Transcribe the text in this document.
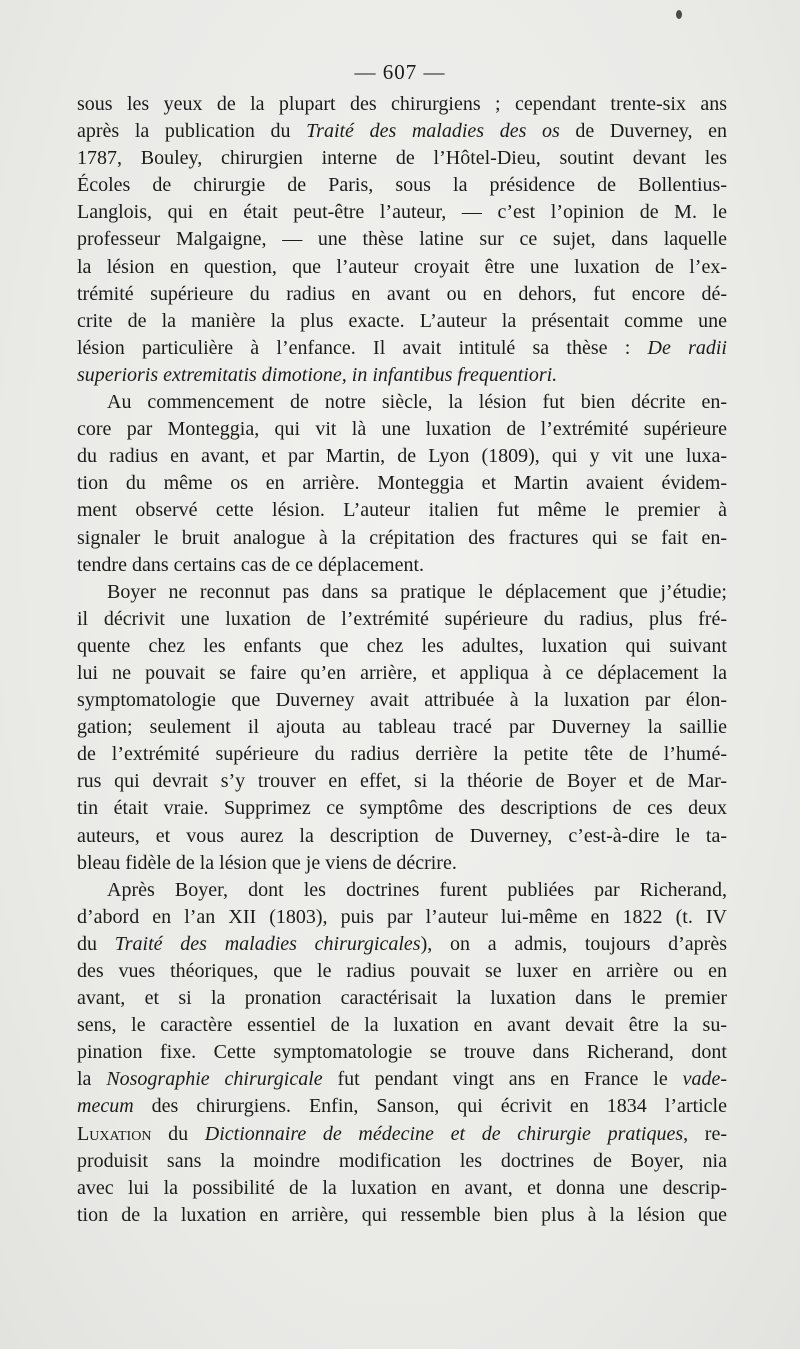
— 607 —
sous les yeux de la plupart des chirurgiens ; cependant trente-six ans
après la publication du Traité des maladies des os de Duverney, en
1787, Bouley, chirurgien interne de l’Hôtel-Dieu, soutint devant les
Écoles de chirurgie de Paris, sous la présidence de Bollentius-
Langlois, qui en était peut-être l’auteur, — c’est l’opinion de M. le
professeur Malgaigne, — une thèse latine sur ce sujet, dans laquelle
la lésion en question, que l’auteur croyait être une luxation de l’ex-
trémité supérieure du radius en avant ou en dehors, fut encore dé-
crite de la manière la plus exacte. L’auteur la présentait comme une
lésion particulière à l’enfance. Il avait intitulé sa thèse : De radii
superioris extremitatis dimotione, in infantibus frequentiori.
Au commencement de notre siècle, la lésion fut bien décrite en-
core par Monteggia, qui vit là une luxation de l’extrémité supérieure
du radius en avant, et par Martin, de Lyon (1809), qui y vit une luxa-
tion du même os en arrière. Monteggia et Martin avaient évidem-
ment observé cette lésion. L’auteur italien fut même le premier à
signaler le bruit analogue à la crépitation des fractures qui se fait en-
tendre dans certains cas de ce déplacement.
Boyer ne reconnut pas dans sa pratique le déplacement que j’étudie;
il décrivit une luxation de l’extrémité supérieure du radius, plus fré-
quente chez les enfants que chez les adultes, luxation qui suivant
lui ne pouvait se faire qu’en arrière, et appliqua à ce déplacement la
symptomatologie que Duverney avait attribuée à la luxation par élon-
gation; seulement il ajouta au tableau tracé par Duverney la saillie
de l’extrémité supérieure du radius derrière la petite tête de l’humé-
rus qui devrait s’y trouver en effet, si la théorie de Boyer et de Mar-
tin était vraie. Supprimez ce symptôme des descriptions de ces deux
auteurs, et vous aurez la description de Duverney, c’est-à-dire le ta-
bleau fidèle de la lésion que je viens de décrire.
Après Boyer, dont les doctrines furent publiées par Richerand,
d’abord en l’an XII (1803), puis par l’auteur lui-même en 1822 (t. IV
du Traité des maladies chirurgicales), on a admis, toujours d’après
des vues théoriques, que le radius pouvait se luxer en arrière ou en
avant, et si la pronation caractérisait la luxation dans le premier
sens, le caractère essentiel de la luxation en avant devait être la su-
pination fixe. Cette symptomatologie se trouve dans Richerand, dont
la Nosographie chirurgicale fut pendant vingt ans en France le vade-
mecum des chirurgiens. Enfin, Sanson, qui écrivit en 1834 l’article
Luxation du Dictionnaire de médecine et de chirurgie pratiques, re-
produisit sans la moindre modification les doctrines de Boyer, nia
avec lui la possibilité de la luxation en avant, et donna une descrip-
tion de la luxation en arrière, qui ressemble bien plus à la lésion que
